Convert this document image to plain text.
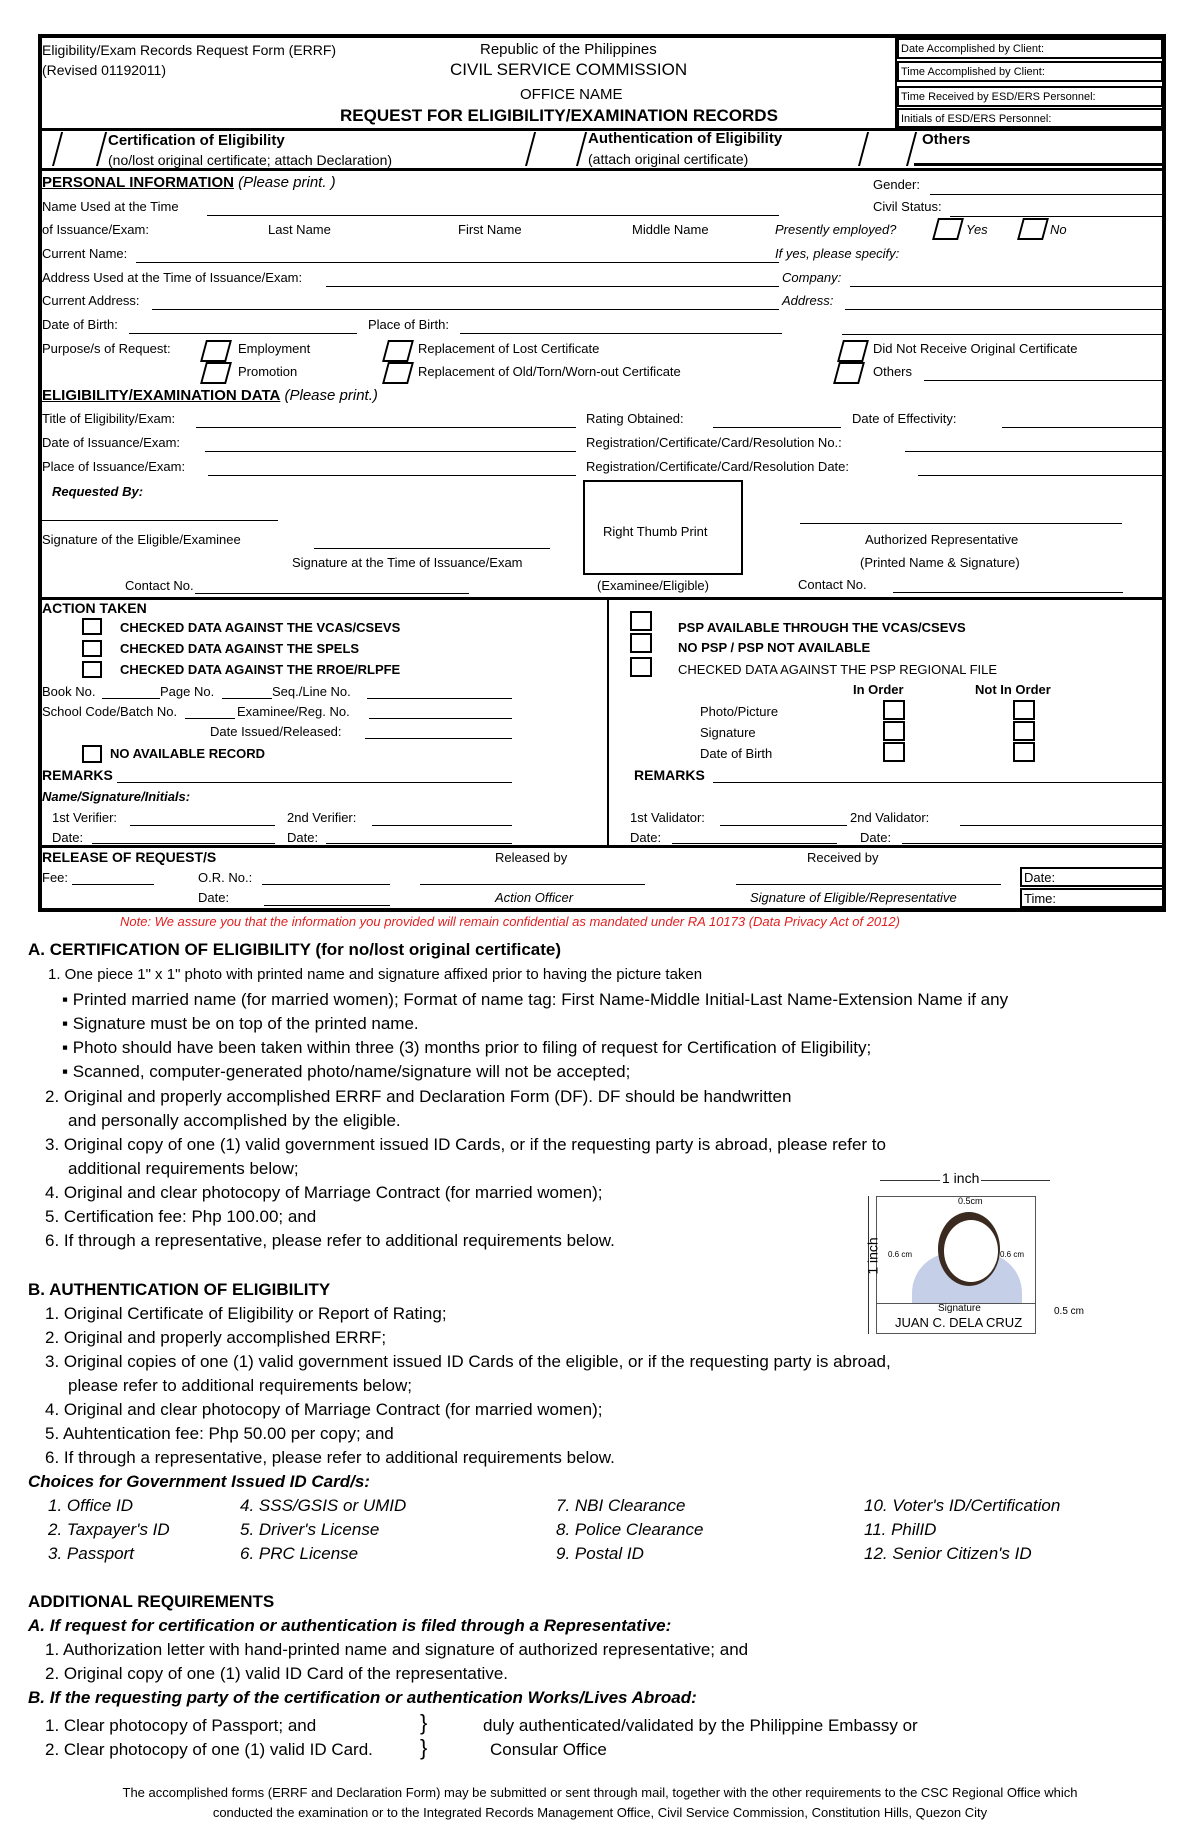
Eligibility/Exam Records Request Form (ERRF)
(Revised 01192011)
Republic of the Philippines
CIVIL SERVICE COMMISSION
OFFICE NAME
REQUEST FOR ELIGIBILITY/EXAMINATION RECORDS
Date Accomplished by Client:
Time Accomplished by Client:
Time Received by ESD/ERS Personnel:
Initials of ESD/ERS Personnel:
Certification of Eligibility
(no/lost original certificate; attach Declaration)
Authentication of Eligibility
(attach original certificate)
Others
PERSONAL INFORMATION (Please print. )
Name Used at the Time
of Issuance/Exam:	Last Name	First Name	Middle Name
Current Name:
Address Used at the Time of Issuance/Exam:
Current Address:
Date of Birth:	Place of Birth:
Purpose/s of Request:	Employment
Promotion
Replacement of Lost Certificate
Replacement of Old/Torn/Worn-out Certificate
Did Not Receive Original Certificate
Others
Gender:
Civil Status:
Presently employed?	Yes	No
If yes, please specify:
Company:
Address:
ELIGIBILITY/EXAMINATION DATA (Please print.)
Title of Eligibility/Exam:
Date of Issuance/Exam:
Place of Issuance/Exam:
Rating Obtained:	Date of Effectivity:
Registration/Certificate/Card/Resolution No.:
Registration/Certificate/Card/Resolution Date:
Requested By:
Signature of the Eligible/Examinee
Signature at the Time of Issuance/Exam
Contact No.
Right Thumb Print
(Examinee/Eligible)
Authorized Representative
(Printed Name & Signature)
Contact No.
ACTION TAKEN
CHECKED DATA AGAINST THE VCAS/CSEVS
CHECKED DATA AGAINST THE SPELS
CHECKED DATA AGAINST THE RROE/RLPFE
Book No.	Page No.	Seq./Line No.
School Code/Batch No.	Examinee/Reg. No.
Date Issued/Released:
NO AVAILABLE RECORD
REMARKS
Name/Signature/Initials:
1st Verifier:	2nd Verifier:
Date:	Date:
PSP AVAILABLE THROUGH THE VCAS/CSEVS
NO PSP / PSP NOT AVAILABLE
CHECKED DATA AGAINST THE PSP REGIONAL FILE
In Order	Not In Order
Photo/Picture
Signature
Date of Birth
REMARKS
1st Validator:	2nd Validator:
Date:	Date:
RELEASE OF REQUEST/S
Fee:	O.R. No.:
Date:
Released by
Action Officer
Received by
Signature of Eligible/Representative
Date:
Time:
Note: We assure you that the information you provided will remain confidential as mandated under RA 10173 (Data Privacy Act of 2012)
A. CERTIFICATION OF ELIGIBILITY (for no/lost original certificate)
1. One piece 1" x 1" photo with printed name and signature affixed prior to having the picture taken
▪ Printed married name (for married women); Format of name tag: First Name-Middle Initial-Last Name-Extension Name if any
▪ Signature must be on top of the printed name.
▪ Photo should have been taken within three (3) months prior to filing of request for Certification of Eligibility;
▪ Scanned, computer-generated photo/name/signature will not be accepted;
2. Original and properly accomplished ERRF and Declaration Form (DF). DF should be handwritten
and personally accomplished by the eligible.
3. Original copy of one (1) valid government issued ID Cards, or if the requesting party is abroad, please refer to
additional requirements below;
4. Original and clear photocopy of Marriage Contract (for married women);
5. Certification fee: Php 100.00; and
6. If through a representative, please refer to additional requirements below.
1 inch
Signature
JUAN C. DELA CRUZ
0.5cm
0.6 cm	0.6 cm
1 inch
0.5 cm
B. AUTHENTICATION OF ELIGIBILITY
1. Original Certificate of Eligibility or Report of Rating;
2. Original and properly accomplished ERRF;
3. Original copies of one (1) valid government issued ID Cards of the eligible, or if the requesting party is abroad,
please refer to additional requirements below;
4. Original and clear photocopy of Marriage Contract (for married women);
5. Auhtentication fee: Php 50.00 per copy; and
6. If through a representative, please refer to additional requirements below.
Choices for Government Issued ID Card/s:
1. Office ID
2. Taxpayer's ID
3. Passport
4. SSS/GSIS or UMID
5. Driver's License
6. PRC License
7. NBI Clearance
8. Police Clearance
9. Postal ID
10. Voter's ID/Certification
11. PhilID
12. Senior Citizen's ID
ADDITIONAL REQUIREMENTS
A. If request for certification or authentication is filed through a Representative:
1. Authorization letter with hand-printed name and signature of authorized representative; and
2. Original copy of one (1) valid ID Card of the representative.
B. If the requesting party of the certification or authentication Works/Lives Abroad:
1. Clear photocopy of Passport; and
2. Clear photocopy of one (1) valid ID Card.
}
}
duly authenticated/validated by the Philippine Embassy or
Consular Office
The accomplished forms (ERRF and Declaration Form) may be submitted or sent through mail, together with the other requirements to the CSC Regional Office which
conducted the examination or to the Integrated Records Management Office, Civil Service Commission, Constitution Hills, Quezon City
